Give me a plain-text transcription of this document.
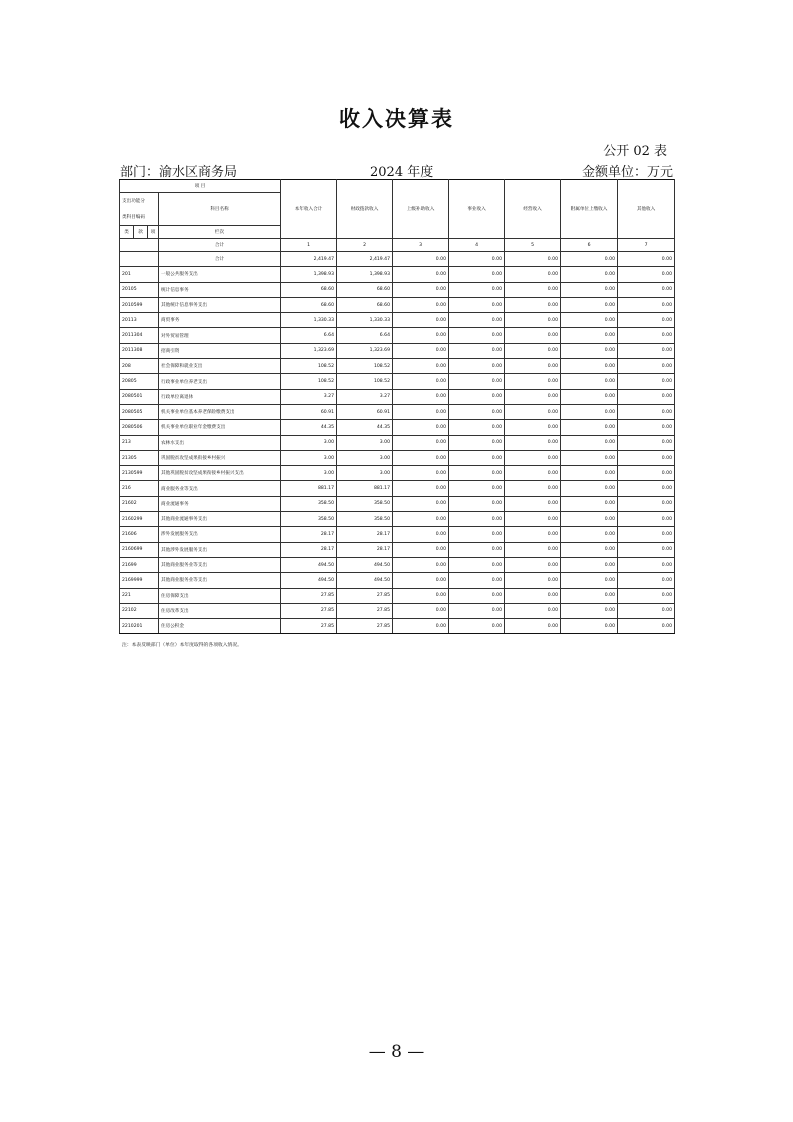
收入决算表
公开 02 表
部门：渝水区商务局	2024 年度	金额单位：万元
项 目				本年收入合计	财政拨款收入	上级补助收入	事业收入	经营收入	附属单位上缴收入	其他收入
支出功能分			科目名称							
类科目编码										
类	款	项	栏次							
			合计	1	2	3	4	5	6	7
			合计	2,419.47	2,419.47	0.00	0.00	0.00	0.00	0.00
201			一般公共服务支出	1,398.93	1,398.93	0.00	0.00	0.00	0.00	0.00
20105			统计信息事务	68.60	68.60	0.00	0.00	0.00	0.00	0.00
2010599			其他统计信息事务支出	68.60	68.60	0.00	0.00	0.00	0.00	0.00
20113			商贸事务	1,330.33	1,330.33	0.00	0.00	0.00	0.00	0.00
2011304			对外贸易管理	6.64	6.64	0.00	0.00	0.00	0.00	0.00
2011308			招商引资	1,323.69	1,323.69	0.00	0.00	0.00	0.00	0.00
208			社会保障和就业支出	108.52	108.52	0.00	0.00	0.00	0.00	0.00
20805			行政事业单位养老支出	108.52	108.52	0.00	0.00	0.00	0.00	0.00
2080501			行政单位离退休	3.27	3.27	0.00	0.00	0.00	0.00	0.00
2080505			机关事业单位基本养老保险缴费支出	60.91	60.91	0.00	0.00	0.00	0.00	0.00
2080506			机关事业单位职业年金缴费支出	44.35	44.35	0.00	0.00	0.00	0.00	0.00
213			农林水支出	3.00	3.00	0.00	0.00	0.00	0.00	0.00
21305			巩固脱贫攻坚成果衔接乡村振兴	3.00	3.00	0.00	0.00	0.00	0.00	0.00
2130599			其他巩固脱贫攻坚成果衔接乡村振兴支出	3.00	3.00	0.00	0.00	0.00	0.00	0.00
216			商业服务业等支出	881.17	881.17	0.00	0.00	0.00	0.00	0.00
21602			商业流通事务	358.50	358.50	0.00	0.00	0.00	0.00	0.00
2160299			其他商业流通事务支出	358.50	358.50	0.00	0.00	0.00	0.00	0.00
21606			涉外发展服务支出	28.17	28.17	0.00	0.00	0.00	0.00	0.00
2160699			其他涉外发展服务支出	28.17	28.17	0.00	0.00	0.00	0.00	0.00
21699			其他商业服务业等支出	494.50	494.50	0.00	0.00	0.00	0.00	0.00
2169999			其他商业服务业等支出	494.50	494.50	0.00	0.00	0.00	0.00	0.00
221			住房保障支出	27.85	27.85	0.00	0.00	0.00	0.00	0.00
22102			住房改革支出	27.85	27.85	0.00	0.00	0.00	0.00	0.00
2210201			住房公积金	27.85	27.85	0.00	0.00	0.00	0.00	0.00
注：本表反映部门（单位）本年度取得的各项收入情况。
— 8 —
